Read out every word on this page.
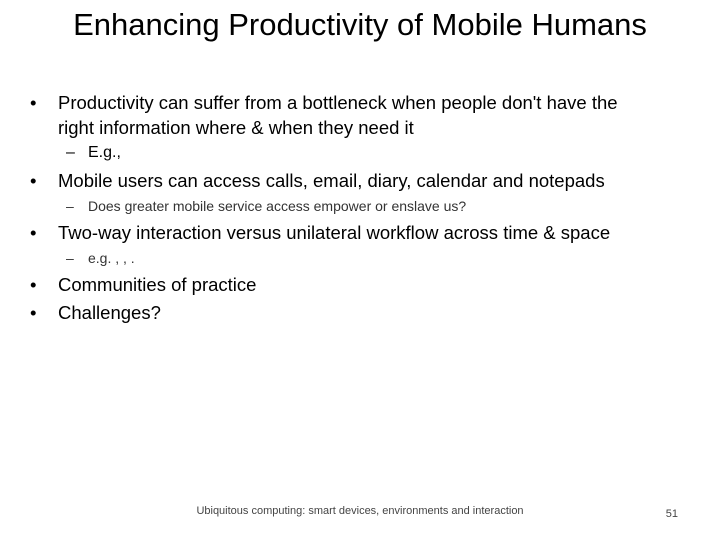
Enhancing Productivity of Mobile Humans
• Productivity can suffer from a bottleneck when people don't have the
right information where & when they need it
– E.g.,
• Mobile users can access calls, email, diary, calendar and notepads
– Does greater mobile service access empower or enslave us?
• Two-way interaction versus unilateral workflow across time & space
– e.g. , , .
• Communities of practice
• Challenges?
Ubiquitous computing: smart devices, environments and interaction	51
